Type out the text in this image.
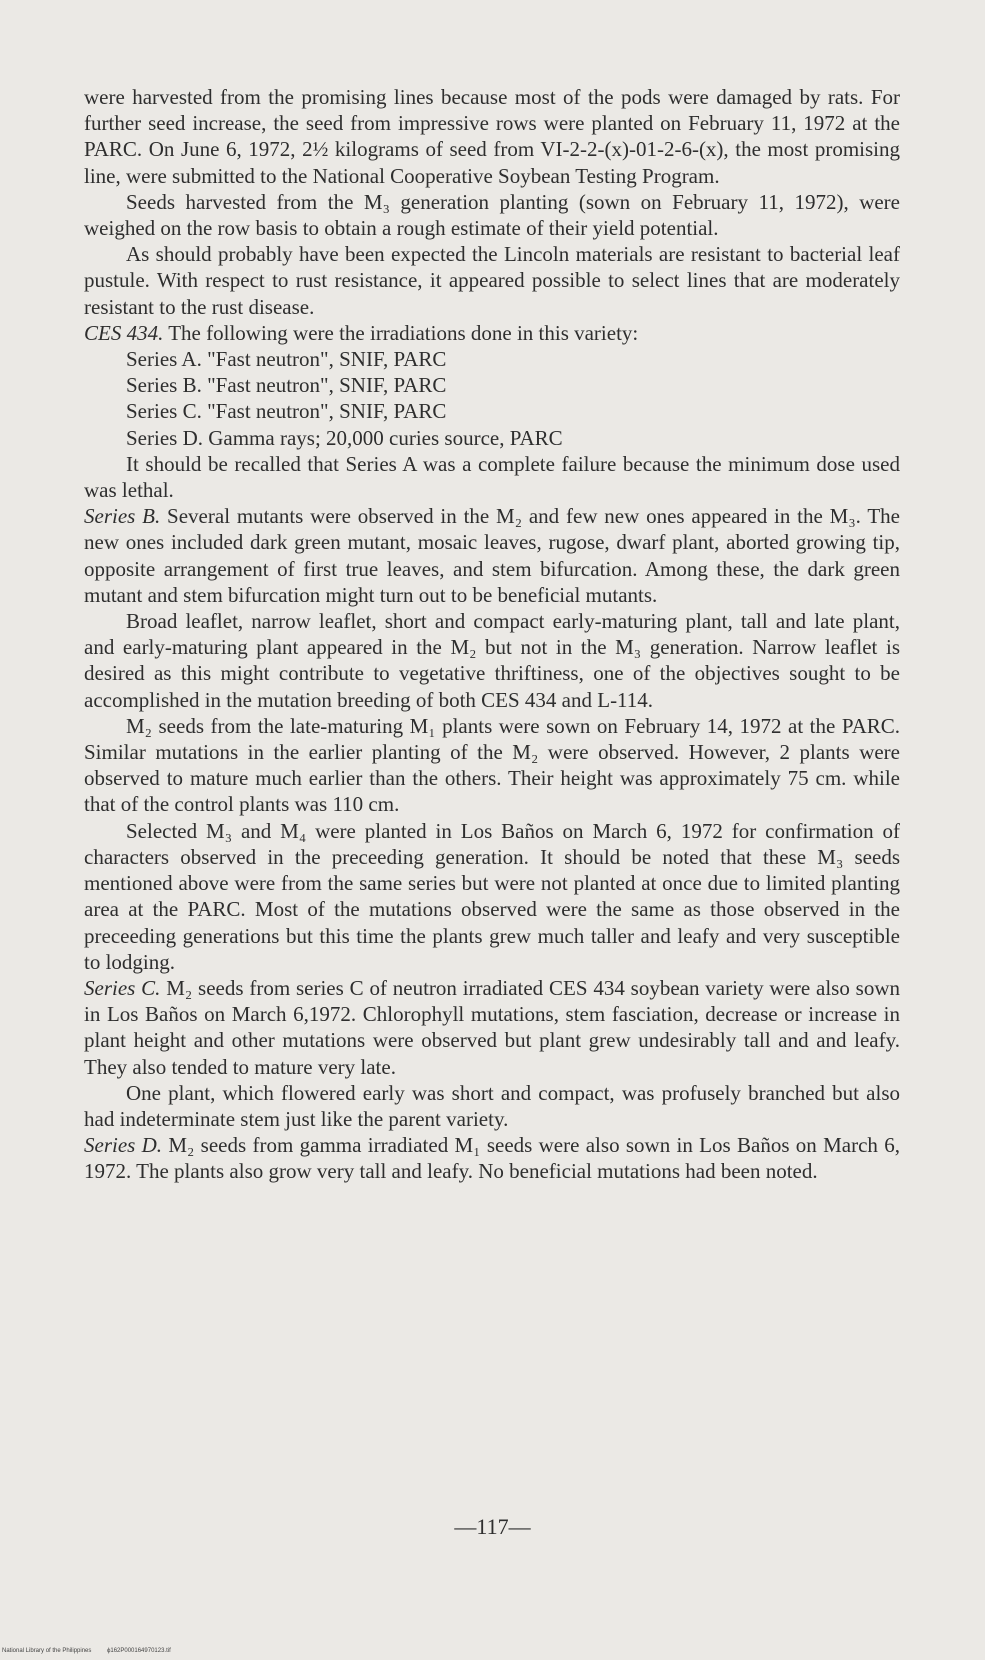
were harvested from the promising lines because most of the pods were damaged by rats. For further seed increase, the seed from impressive rows were planted on February 11, 1972 at the PARC. On June 6, 1972, 2½ kilograms of seed from VI-2-2-(x)-01-2-6-(x), the most promising line, were submitted to the National Cooperative Soybean Testing Program.

Seeds harvested from the M₃ generation planting (sown on February 11, 1972), were weighed on the row basis to obtain a rough estimate of their yield potential.

As should probably have been expected the Lincoln materials are resistant to bacterial leaf pustule. With respect to rust resistance, it appeared possible to select lines that are moderately resistant to the rust disease.

CES 434. The following were the irradiations done in this variety:

Series A. "Fast neutron", SNIF, PARC

Series B. "Fast neutron", SNIF, PARC

Series C. "Fast neutron", SNIF, PARC

Series D. Gamma rays; 20,000 curies source, PARC

It should be recalled that Series A was a complete failure because the minimum dose used was lethal.

Series B. Several mutants were observed in the M₂ and few new ones appeared in the M₃. The new ones included dark green mutant, mosaic leaves, rugose, dwarf plant, aborted growing tip, opposite arrangement of first true leaves, and stem bifurcation. Among these, the dark green mutant and stem bifurcation might turn out to be beneficial mutants.

Broad leaflet, narrow leaflet, short and compact early-maturing plant, tall and late plant, and early-maturing plant appeared in the M₂ but not in the M₃ generation. Narrow leaflet is desired as this might contribute to vegetative thriftiness, one of the objectives sought to be accomplished in the mutation breeding of both CES 434 and L-114.

M₂ seeds from the late-maturing M₁ plants were sown on February 14, 1972 at the PARC. Similar mutations in the earlier planting of the M₂ were observed. However, 2 plants were observed to mature much earlier than the others. Their height was approximately 75 cm. while that of the control plants was 110 cm.

Selected M₃ and M₄ were planted in Los Baños on March 6, 1972 for confirmation of characters observed in the preceeding generation. It should be noted that these M₃ seeds mentioned above were from the same series but were not planted at once due to limited planting area at the PARC. Most of the mutations observed were the same as those observed in the preceeding generations but this time the plants grew much taller and leafy and very susceptible to lodging.

Series C. M₂ seeds from series C of neutron irradiated CES 434 soybean variety were also sown in Los Baños on March 6,1972. Chlorophyll mutations, stem fasciation, decrease or increase in plant height and other mutations were observed but plant grew undesirably tall and and leafy. They also tended to mature very late.

One plant, which flowered early was short and compact, was profusely branched but also had indeterminate stem just like the parent variety.

Series D. M₂ seeds from gamma irradiated M₁ seeds were also sown in Los Baños on March 6, 1972. The plants also grow very tall and leafy. No beneficial mutations had been noted.

—117—
National Library of the Philippines	ɸ162P000164970123.tif
